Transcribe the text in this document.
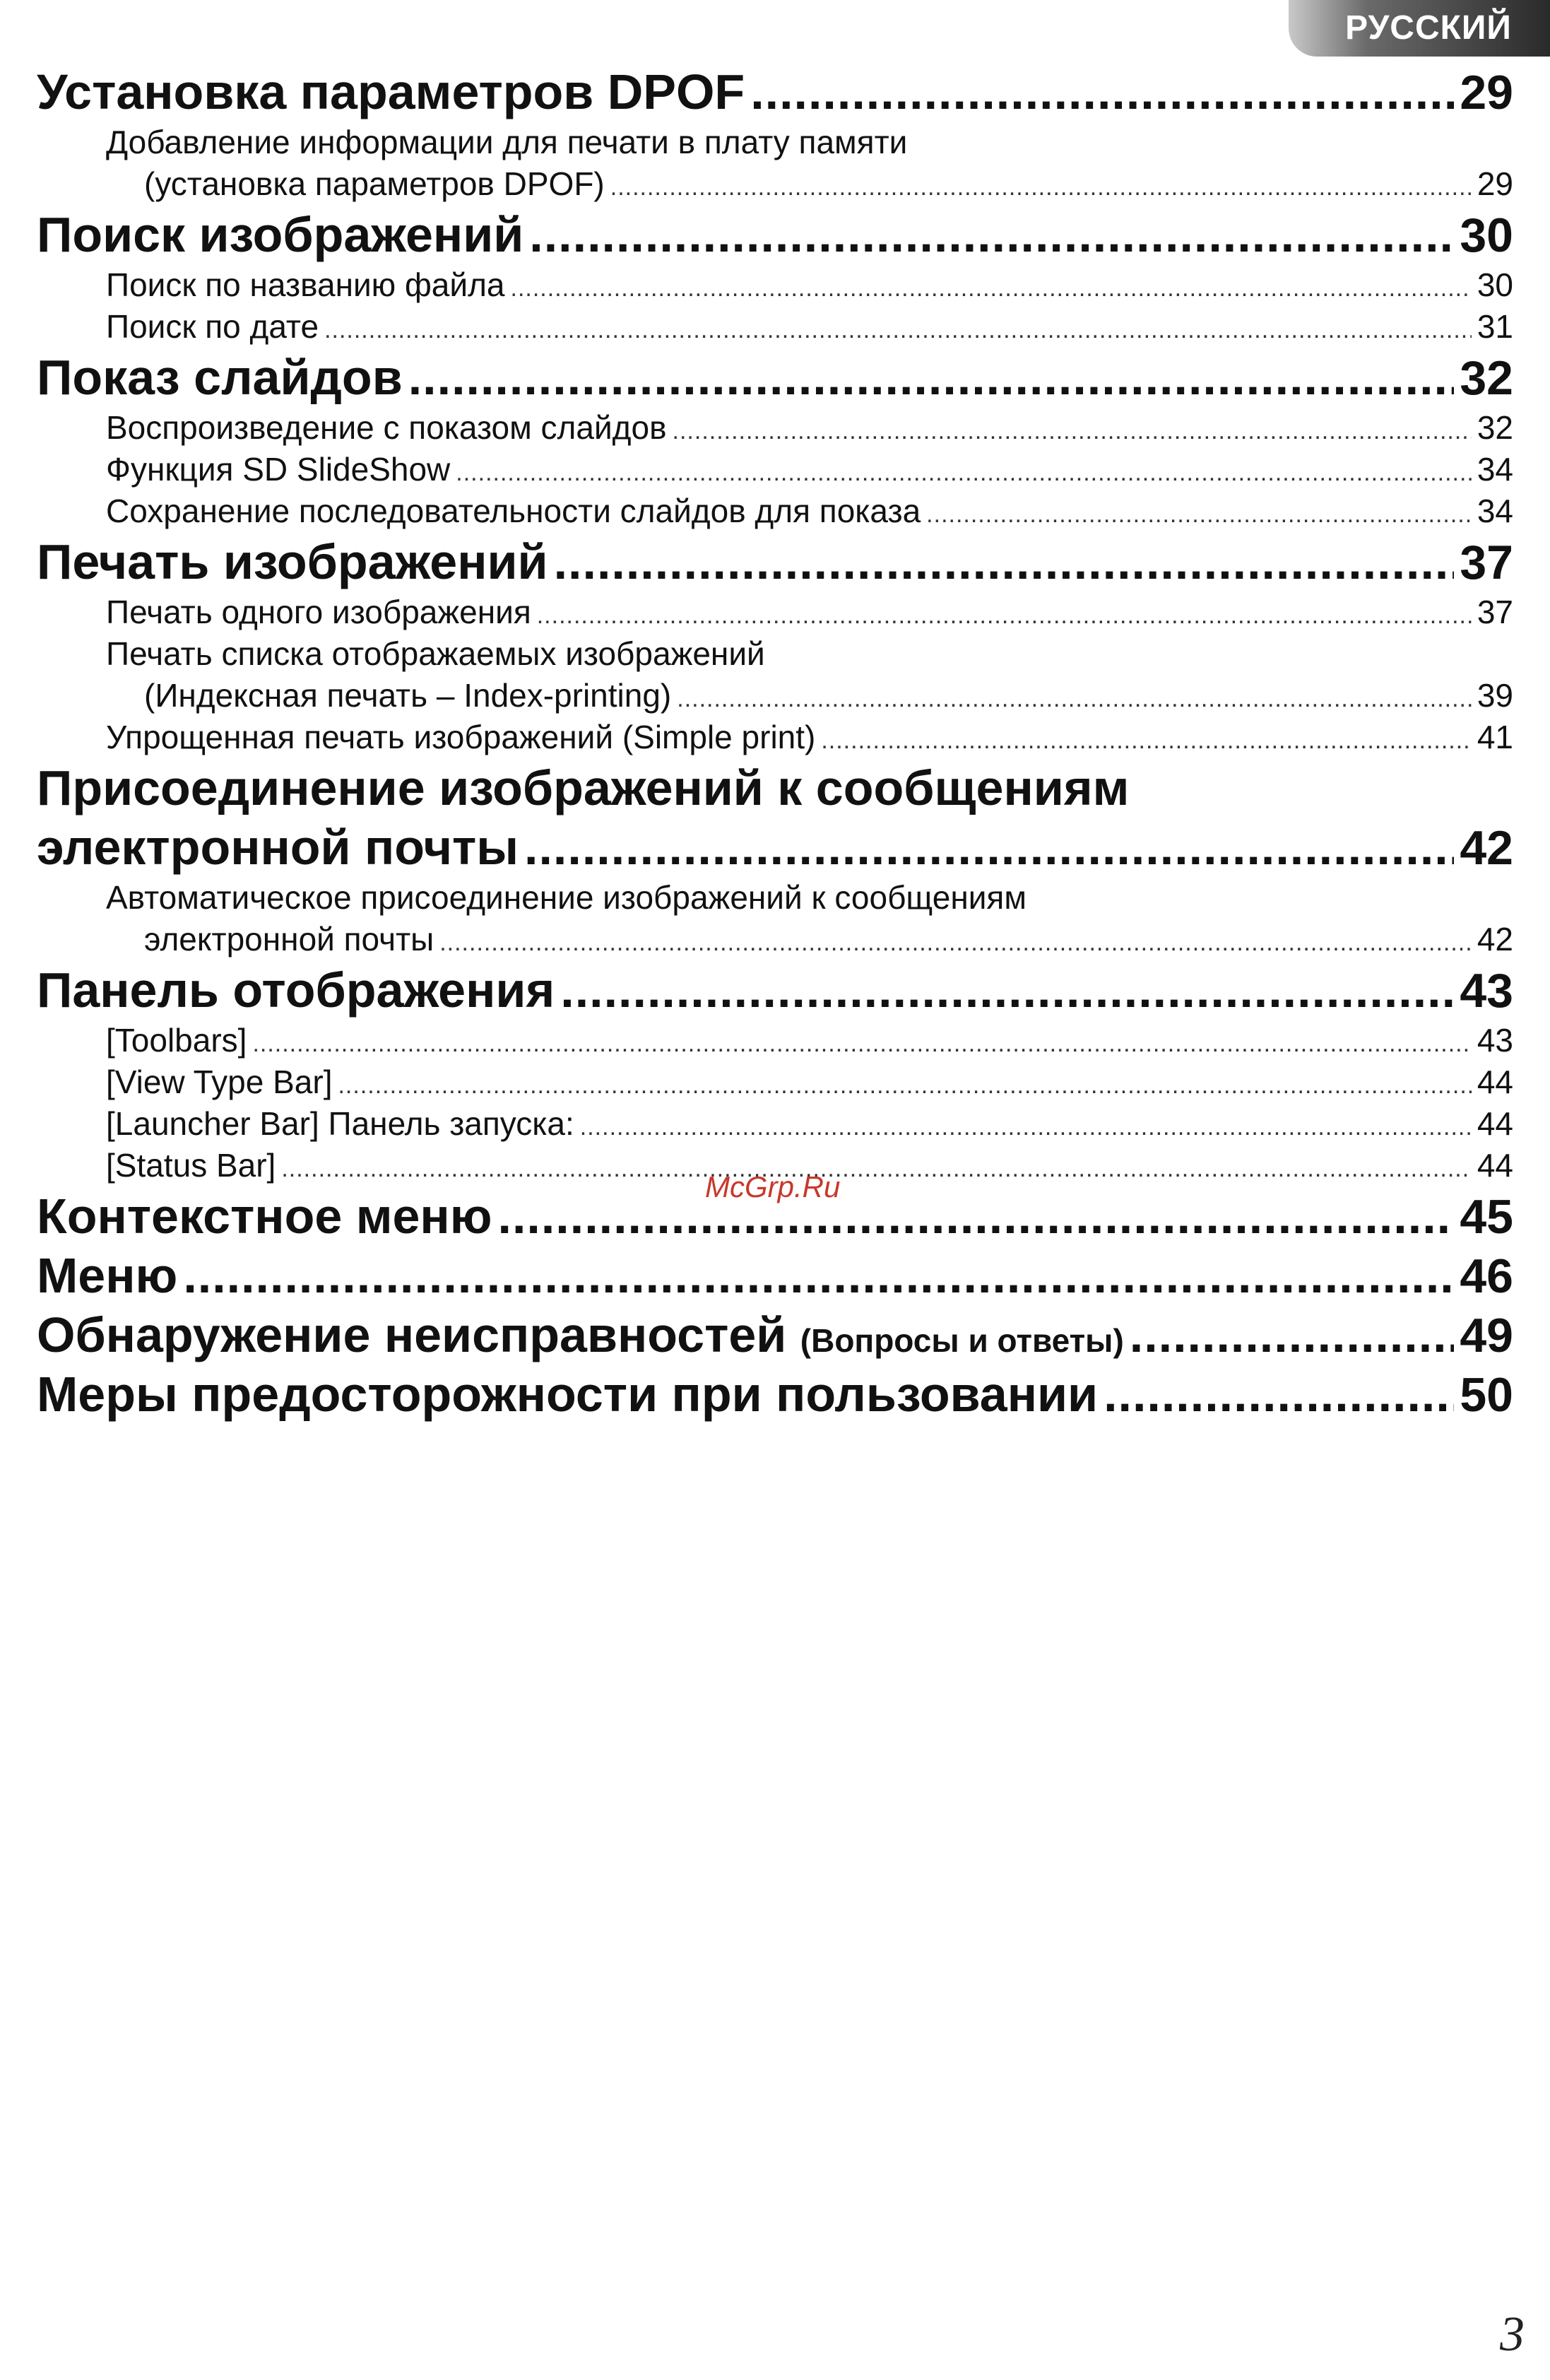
РУССКИЙ ЯЗЫК
Установка параметров DPOF .....	29
Добавление информации для печати в плату памяти
(установка параметров DPOF) .....	29
Поиск изображений .....	30
Поиск по названию файла .....	30
Поиск по дате .....	31
Показ слайдов .....	32
Воспроизведение с показом слайдов .....	32
Функция SD SlideShow .....	34
Сохранение последовательности слайдов для показа .....	34
Печать изображений .....	37
Печать одного изображения .....	37
Печать списка отображаемых изображений
(Индексная печать – Index-printing) .....	39
Упрощенная печать изображений (Simple print) .....	41
Присоединение изображений к сообщениям
электронной почты .....	42
Автоматическое присоединение изображений к сообщениям
электронной почты .....	42
Панель отображения .....	43
[Toolbars] .....	43
[View Type Bar] .....	44
[Launcher Bar] Панель запуска: .....	44
[Status Bar] .....	44
Контекстное меню .....	45
Меню .....	46
Обнаружение неисправностей (Вопросы и ответы) .....	49
Меры предосторожности при пользовании .....	50
McGrp.Ru
3
